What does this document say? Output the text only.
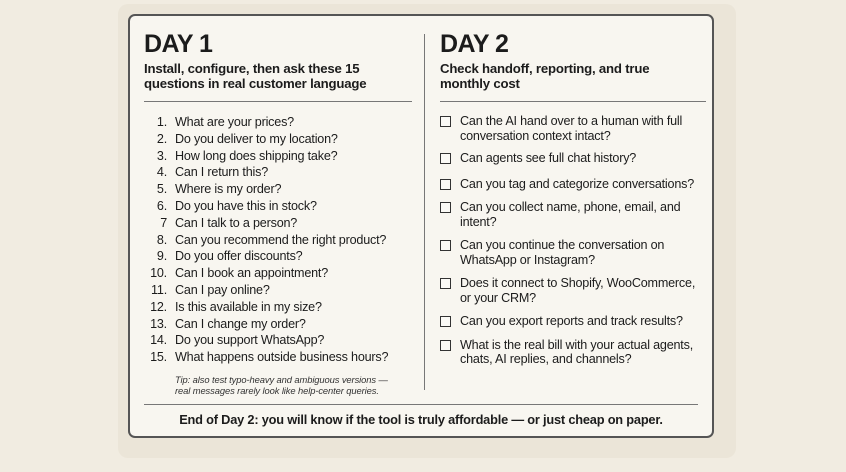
DAY 1
Install, configure, then ask these 15
questions in real customer language
1. What are your prices?
2. Do you deliver to my location?
3. How long does shipping take?
4. Can I return this?
5. Where is my order?
6. Do you have this in stock?
7 Can I talk to a person?
8. Can you recommend the right product?
9. Do you offer discounts?
10. Can I book an appointment?
11. Can I pay online?
12. Is this available in my size?
13. Can I change my order?
14. Do you support WhatsApp?
15. What happens outside business hours?
Tip: also test typo-heavy and ambiguous versions —
real messages rarely look like help-center queries.
DAY 2
Check handoff, reporting, and true
monthly cost
Can the AI hand over to a human with full
conversation context intact?
Can agents see full chat history?
Can you tag and categorize conversations?
Can you collect name, phone, email, and
intent?
Can you continue the conversation on
WhatsApp or Instagram?
Does it connect to Shopify, WooCommerce,
or your CRM?
Can you export reports and track results?
What is the real bill with your actual agents,
chats, AI replies, and channels?
End of Day 2: you will know if the tool is truly affordable — or just cheap on paper.
